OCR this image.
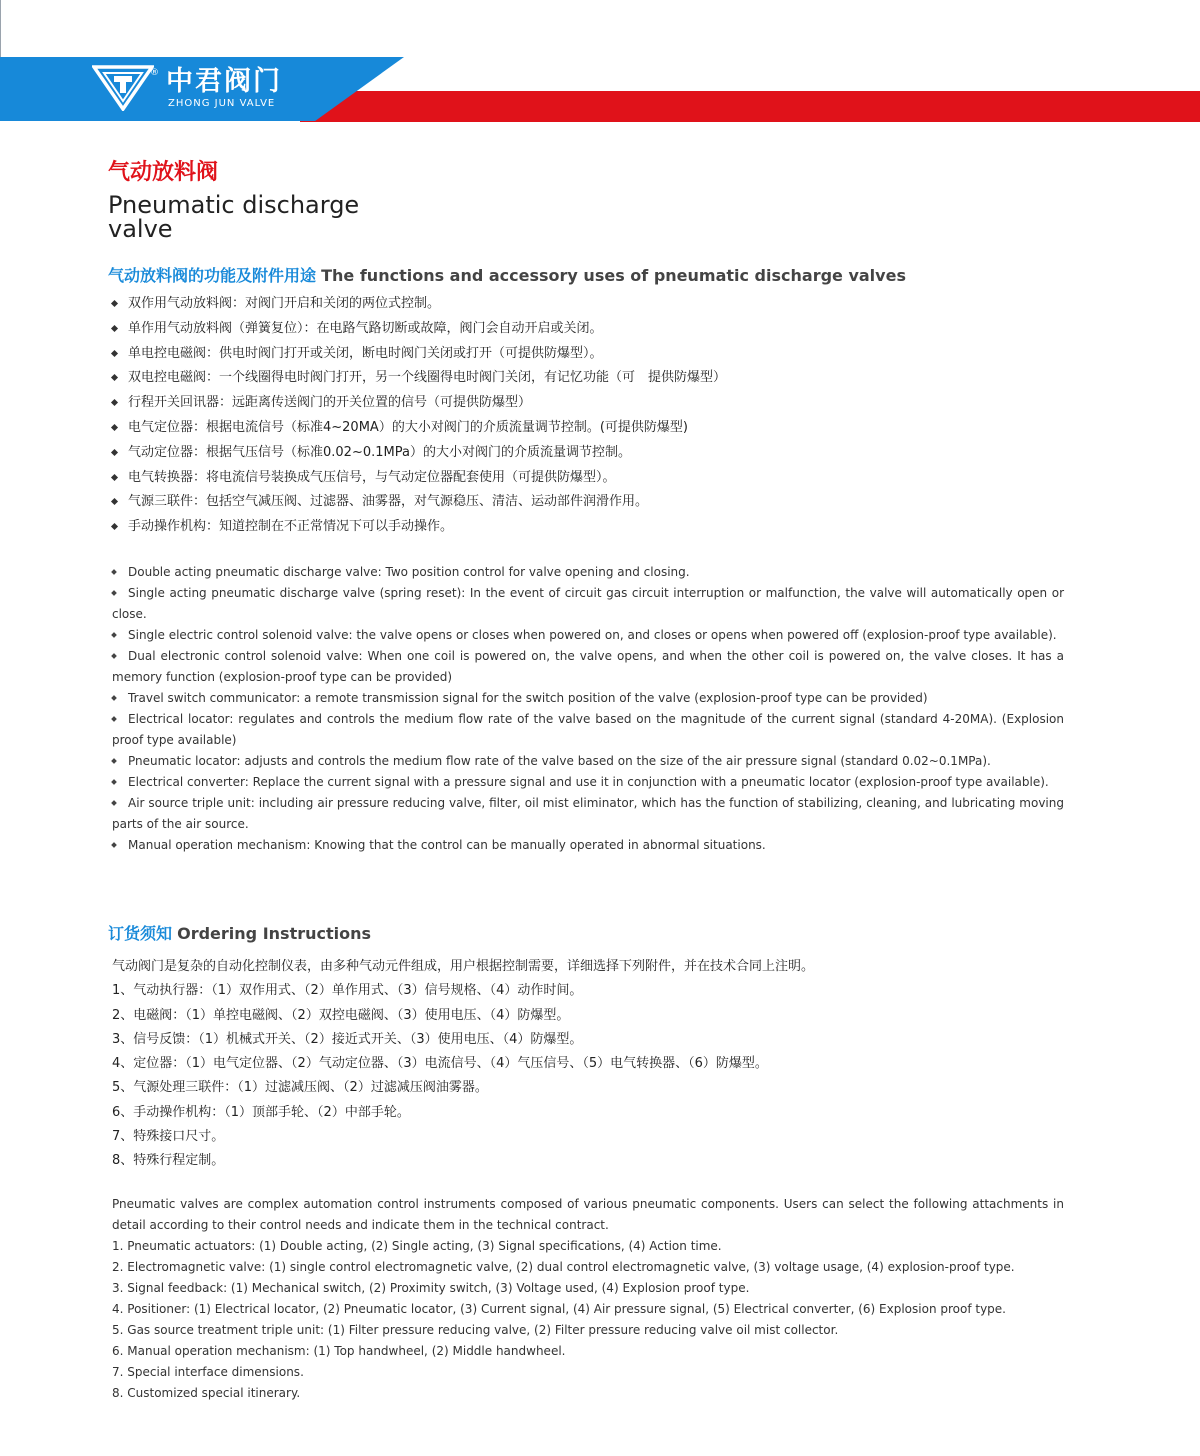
® 中君阀门
ZHONG JUN VALVE
气动放料阀
Pneumatic discharge valve
气动放料阀的功能及附件用途 The functions and accessory uses of pneumatic discharge valves
双作用气动放料阀：对阀门开启和关闭的两位式控制。
单作用气动放料阀（弹簧复位）：在电路气路切断或故障，阀门会自动开启或关闭。
单电控电磁阀：供电时阀门打开或关闭，断电时阀门关闭或打开（可提供防爆型）。
双电控电磁阀：一个线圈得电时阀门打开，另一个线圈得电时阀门关闭，有记忆功能（可　提供防爆型）
行程开关回讯器：远距离传送阀门的开关位置的信号（可提供防爆型）
电气定位器：根据电流信号（标准4~20MA）的大小对阀门的介质流量调节控制。(可提供防爆型)
气动定位器：根据气压信号（标准0.02~0.1MPa）的大小对阀门的介质流量调节控制。
电气转换器：将电流信号装换成气压信号，与气动定位器配套使用（可提供防爆型）。
气源三联件：包括空气减压阀、过滤器、油雾器，对气源稳压、清洁、运动部件润滑作用。
手动操作机构：知道控制在不正常情况下可以手动操作。
Double acting pneumatic discharge valve: Two position control for valve opening and closing.
Single acting pneumatic discharge valve (spring reset): In the event of circuit gas circuit interruption or malfunction, the valve will automatically open or close.
Single electric control solenoid valve: the valve opens or closes when powered on, and closes or opens when powered off (explosion-proof type available).
Dual electronic control solenoid valve: When one coil is powered on, the valve opens, and when the other coil is powered on, the valve closes. It has a memory function (explosion-proof type can be provided)
Travel switch communicator: a remote transmission signal for the switch position of the valve (explosion-proof type can be provided)
Electrical locator: regulates and controls the medium flow rate of the valve based on the magnitude of the current signal (standard 4-20MA). (Explosion proof type available)
Pneumatic locator: adjusts and controls the medium flow rate of the valve based on the size of the air pressure signal (standard 0.02~0.1MPa).
Electrical converter: Replace the current signal with a pressure signal and use it in conjunction with a pneumatic locator (explosion-proof type available).
Air source triple unit: including air pressure reducing valve, filter, oil mist eliminator, which has the function of stabilizing, cleaning, and lubricating moving parts of the air source.
Manual operation mechanism: Knowing that the control can be manually operated in abnormal situations.
订货须知 Ordering Instructions
气动阀门是复杂的自动化控制仪表，由多种气动元件组成，用户根据控制需要，详细选择下列附件，并在技术合同上注明。
1、气动执行器：（1）双作用式、（2）单作用式、（3）信号规格、（4）动作时间。
2、电磁阀：（1）单控电磁阀、（2）双控电磁阀、（3）使用电压、（4）防爆型。
3、信号反馈：（1）机械式开关、（2）接近式开关、（3）使用电压、（4）防爆型。
4、定位器：（1）电气定位器、（2）气动定位器、（3）电流信号、（4）气压信号、（5）电气转换器、（6）防爆型。
5、气源处理三联件：（1）过滤减压阀、（2）过滤减压阀油雾器。
6、手动操作机构：（1）顶部手轮、（2）中部手轮。
7、特殊接口尺寸。
8、特殊行程定制。
Pneumatic valves are complex automation control instruments composed of various pneumatic components. Users can select the following attachments in detail according to their control needs and indicate them in the technical contract.
1. Pneumatic actuators: (1) Double acting, (2) Single acting, (3) Signal specifications, (4) Action time.
2. Electromagnetic valve: (1) single control electromagnetic valve, (2) dual control electromagnetic valve, (3) voltage usage, (4) explosion-proof type.
3. Signal feedback: (1) Mechanical switch, (2) Proximity switch, (3) Voltage used, (4) Explosion proof type.
4. Positioner: (1) Electrical locator, (2) Pneumatic locator, (3) Current signal, (4) Air pressure signal, (5) Electrical converter, (6) Explosion proof type.
5. Gas source treatment triple unit: (1) Filter pressure reducing valve, (2) Filter pressure reducing valve oil mist collector.
6. Manual operation mechanism: (1) Top handwheel, (2) Middle handwheel.
7. Special interface dimensions.
8. Customized special itinerary.
